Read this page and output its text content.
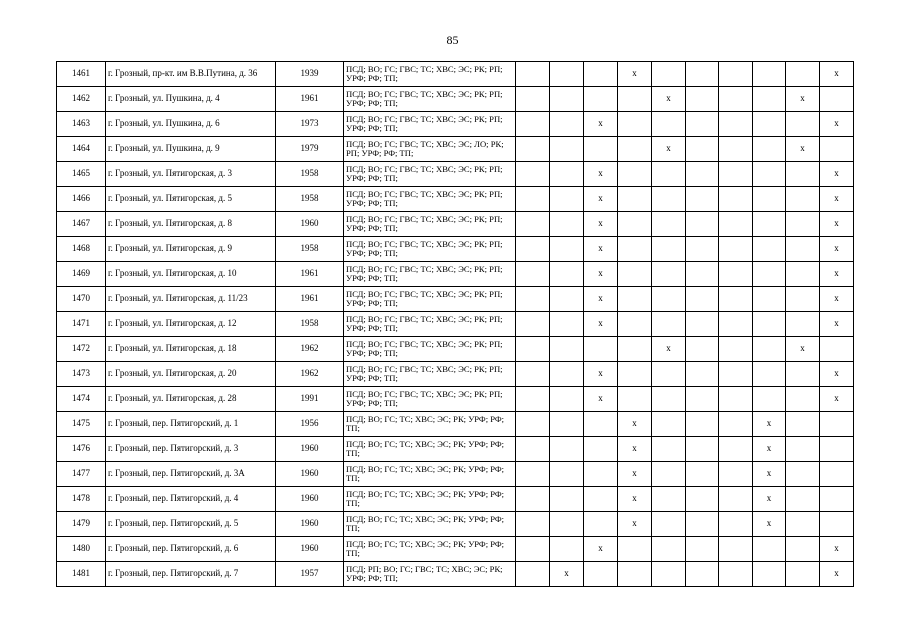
85
1461	г. Грозный, пр-кт. им В.В.Путина, д. 36	1939	ПСД; ВО; ГС; ГВС; ТС; ХВС; ЭС; РК; РП; УРФ; РФ; ТП;				x						x
1462	г. Грозный, ул. Пушкина, д. 4	1961	ПСД; ВО; ГС; ГВС; ТС; ХВС; ЭС; РК; РП; УРФ; РФ; ТП;					x				x	
1463	г. Грозный, ул. Пушкина, д. 6	1973	ПСД; ВО; ГС; ГВС; ТС; ХВС; ЭС; РК; РП; УРФ; РФ; ТП;			x							x
1464	г. Грозный, ул. Пушкина, д. 9	1979	ПСД; ВО; ГС; ГВС; ТС; ХВС; ЭС; ЛО; РК; РП; УРФ; РФ; ТП;					x				x	
1465	г. Грозный, ул. Пятигорская, д. 3	1958	ПСД; ВО; ГС; ГВС; ТС; ХВС; ЭС; РК; РП; УРФ; РФ; ТП;			x							x
1466	г. Грозный, ул. Пятигорская, д. 5	1958	ПСД; ВО; ГС; ГВС; ТС; ХВС; ЭС; РК; РП; УРФ; РФ; ТП;			x							x
1467	г. Грозный, ул. Пятигорская, д. 8	1960	ПСД; ВО; ГС; ГВС; ТС; ХВС; ЭС; РК; РП; УРФ; РФ; ТП;			x							x
1468	г. Грозный, ул. Пятигорская, д. 9	1958	ПСД; ВО; ГС; ГВС; ТС; ХВС; ЭС; РК; РП; УРФ; РФ; ТП;			x							x
1469	г. Грозный, ул. Пятигорская, д. 10	1961	ПСД; ВО; ГС; ГВС; ТС; ХВС; ЭС; РК; РП; УРФ; РФ; ТП;			x							x
1470	г. Грозный, ул. Пятигорская, д. 11/23	1961	ПСД; ВО; ГС; ГВС; ТС; ХВС; ЭС; РК; РП; УРФ; РФ; ТП;			x							x
1471	г. Грозный, ул. Пятигорская, д. 12	1958	ПСД; ВО; ГС; ГВС; ТС; ХВС; ЭС; РК; РП; УРФ; РФ; ТП;			x							x
1472	г. Грозный, ул. Пятигорская, д. 18	1962	ПСД; ВО; ГС; ГВС; ТС; ХВС; ЭС; РК; РП; УРФ; РФ; ТП;					x				x	
1473	г. Грозный, ул. Пятигорская, д. 20	1962	ПСД; ВО; ГС; ГВС; ТС; ХВС; ЭС; РК; РП; УРФ; РФ; ТП;			x							x
1474	г. Грозный, ул. Пятигорская, д. 28	1991	ПСД; ВО; ГС; ГВС; ТС; ХВС; ЭС; РК; РП; УРФ; РФ; ТП;			x							x
1475	г. Грозный, пер. Пятигорский, д. 1	1956	ПСД; ВО; ГС; ТС; ХВС; ЭС; РК; УРФ; РФ; ТП;				x				x		
1476	г. Грозный, пер. Пятигорский, д. 3	1960	ПСД; ВО; ГС; ТС; ХВС; ЭС; РК; УРФ; РФ; ТП;				x				x		
1477	г. Грозный, пер. Пятигорский, д. 3А	1960	ПСД; ВО; ГС; ТС; ХВС; ЭС; РК; УРФ; РФ; ТП;				x				x		
1478	г. Грозный, пер. Пятигорский, д. 4	1960	ПСД; ВО; ГС; ТС; ХВС; ЭС; РК; УРФ; РФ; ТП;				x				x		
1479	г. Грозный, пер. Пятигорский, д. 5	1960	ПСД; ВО; ГС; ТС; ХВС; ЭС; РК; УРФ; РФ; ТП;				x				x		
1480	г. Грозный, пер. Пятигорский, д. 6	1960	ПСД; ВО; ГС; ТС; ХВС; ЭС; РК; УРФ; РФ; ТП;			x							x
1481	г. Грозный, пер. Пятигорский, д. 7	1957	ПСД; РП; ВО; ГС; ГВС; ТС; ХВС; ЭС; РК; УРФ; РФ; ТП;		x								x
